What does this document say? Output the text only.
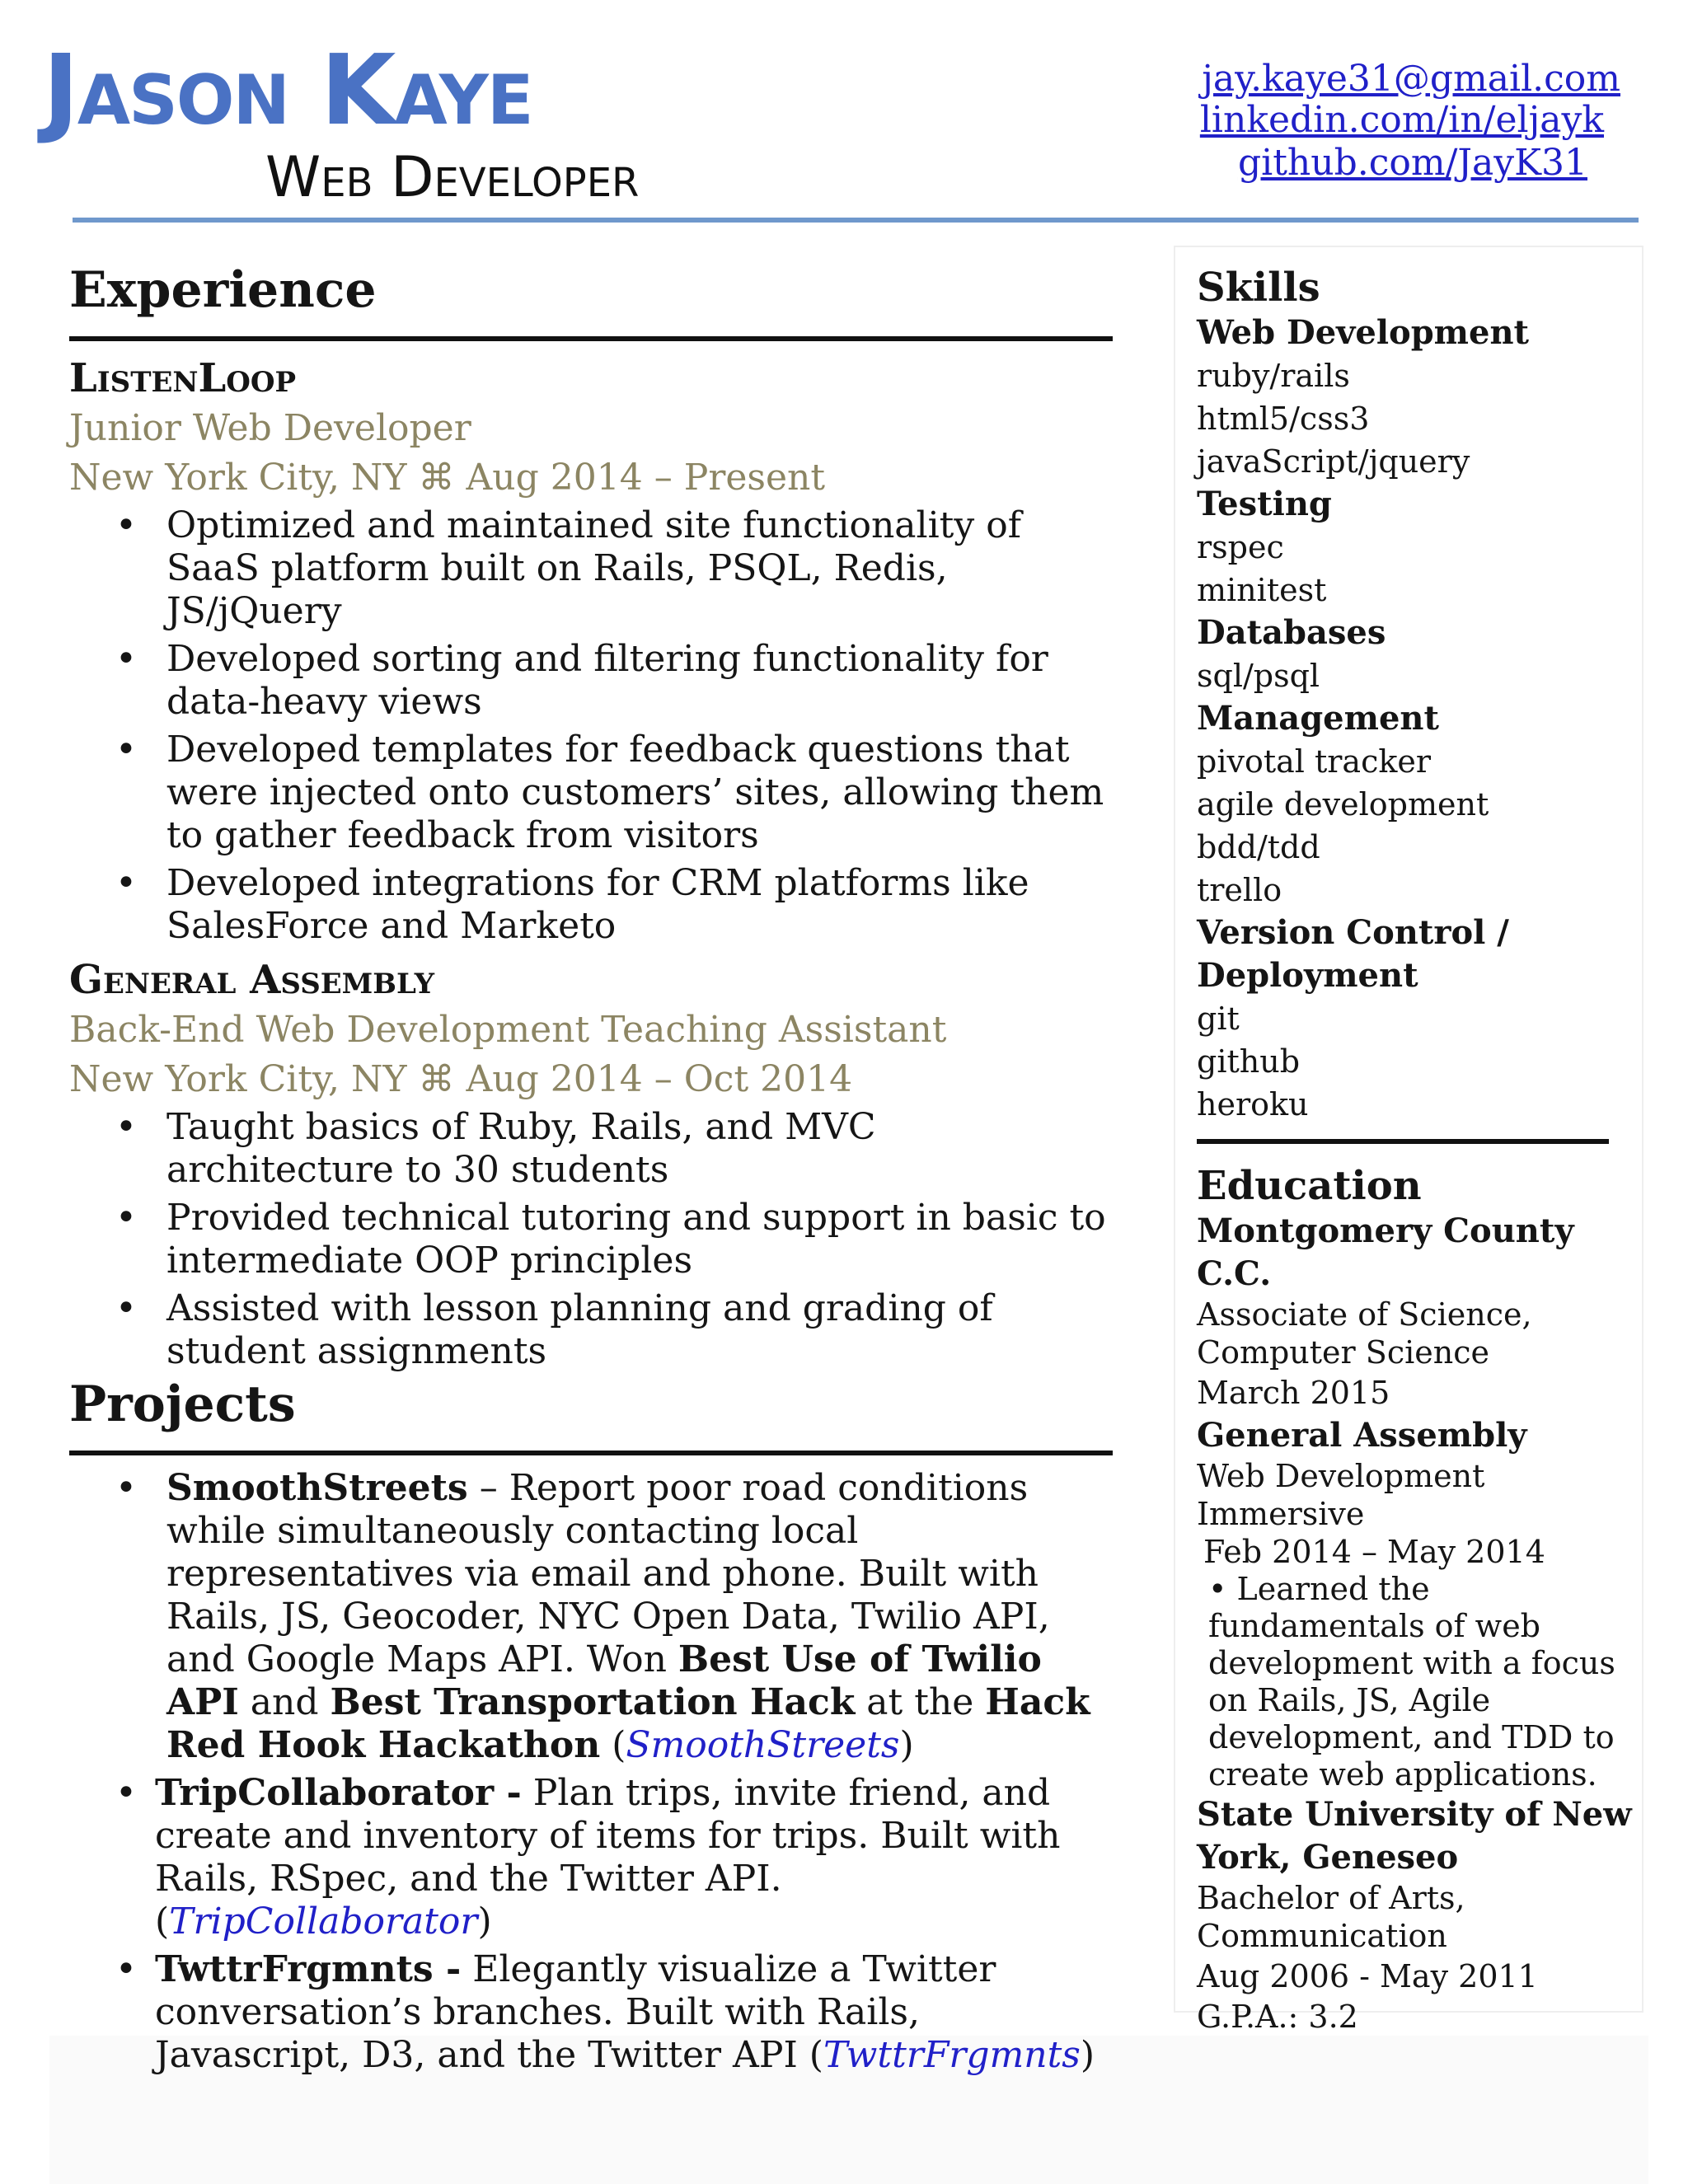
Jason Kaye
Web Developer
jay.kaye31@gmail.com
linkedin.com/in/eljayk
github.com/JayK31
Experience
ListenLoop
Junior Web Developer
New York City, NY ⌘ Aug 2014 – Present
• Optimized and maintained site functionality of SaaS platform built on Rails, PSQL, Redis, JS/jQuery
• Developed sorting and filtering functionality for data-heavy views
• Developed templates for feedback questions that were injected onto customers’ sites, allowing them to gather feedback from visitors
• Developed integrations for CRM platforms like SalesForce and Marketo
General Assembly
Back-End Web Development Teaching Assistant
New York City, NY ⌘ Aug 2014 – Oct 2014
• Taught basics of Ruby, Rails, and MVC architecture to 30 students
• Provided technical tutoring and support in basic to intermediate OOP principles
• Assisted with lesson planning and grading of student assignments
Projects
• SmoothStreets – Report poor road conditions while simultaneously contacting local representatives via email and phone. Built with Rails, JS, Geocoder, NYC Open Data, Twilio API, and Google Maps API. Won Best Use of Twilio API and Best Transportation Hack at the Hack Red Hook Hackathon (SmoothStreets)
• TripCollaborator - Plan trips, invite friend, and create and inventory of items for trips. Built with Rails, RSpec, and the Twitter API. (TripCollaborator)
• TwttrFrgmnts - Elegantly visualize a Twitter conversation’s branches. Built with Rails, Javascript, D3, and the Twitter API (TwttrFrgmnts)
Skills
Web Development
ruby/rails
html5/css3
javaScript/jquery
Testing
rspec
minitest
Databases
sql/psql
Management
pivotal tracker
agile development
bdd/tdd
trello
Version Control / Deployment
git
github
heroku
Education
Montgomery County C.C.
Associate of Science, Computer Science
March 2015
General Assembly
Web Development Immersive
Feb 2014 – May 2014
• Learned the fundamentals of web development with a focus on Rails, JS, Agile development, and TDD to create web applications.
State University of New York, Geneseo
Bachelor of Arts, Communication
Aug 2006 - May 2011
G.P.A.: 3.2
